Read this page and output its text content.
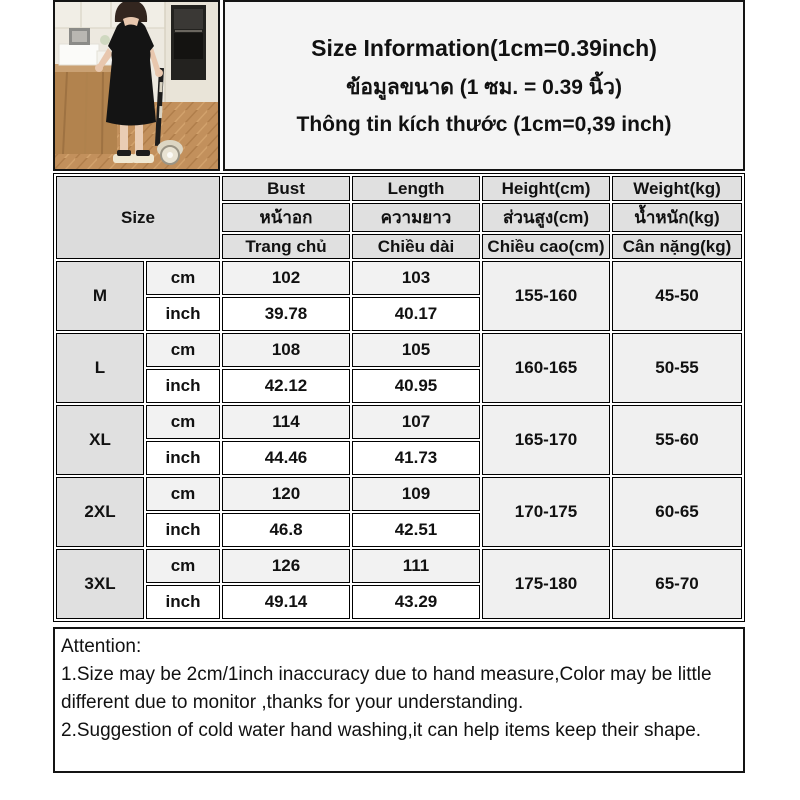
Size Information(1cm=0.39inch)
ข้อมูลขนาด (1 ซม. = 0.39 นิ้ว)
Thông tin kích thước (1cm=0,39 inch)
Size		Bust	Length	Height(cm)	Weight(kg)
		หน้าอก	ความยาว	ส่วนสูง(cm)	น้ำหนัก(kg)
		Trang chủ	Chiều dài	Chiều cao(cm)	Cân nặng(kg)
M	cm	102	103	155-160	45-50
	inch	39.78	40.17		
L	cm	108	105	160-165	50-55
	inch	42.12	40.95		
XL	cm	114	107	165-170	55-60
	inch	44.46	41.73		
2XL	cm	120	109	170-175	60-65
	inch	46.8	42.51		
3XL	cm	126	111	175-180	65-70
	inch	49.14	43.29		
Attention:
1.Size may be 2cm/1inch inaccuracy due to hand measure,Color may be little different due to monitor ,thanks for your understanding.
2.Suggestion of cold water hand washing,it can help items keep their shape.
